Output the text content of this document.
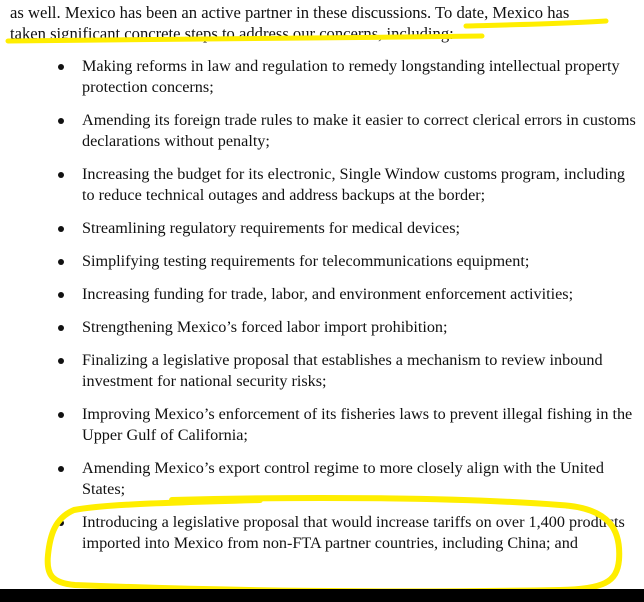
as well. Mexico has been an active partner in these discussions. To date, Mexico has
taken significant concrete steps to address our concerns, including:
Making reforms in law and regulation to remedy longstanding intellectual property protection concerns;
Amending its foreign trade rules to make it easier to correct clerical errors in customs declarations without penalty;
Increasing the budget for its electronic, Single Window customs program, including to reduce technical outages and address backups at the border;
Streamlining regulatory requirements for medical devices;
Simplifying testing requirements for telecommunications equipment;
Increasing funding for trade, labor, and environment enforcement activities;
Strengthening Mexico’s forced labor import prohibition;
Finalizing a legislative proposal that establishes a mechanism to review inbound investment for national security risks;
Improving Mexico’s enforcement of its fisheries laws to prevent illegal fishing in the Upper Gulf of California;
Amending Mexico’s export control regime to more closely align with the United States;
Introducing a legislative proposal that would increase tariffs on over 1,400 products imported into Mexico from non-FTA partner countries, including China; and
